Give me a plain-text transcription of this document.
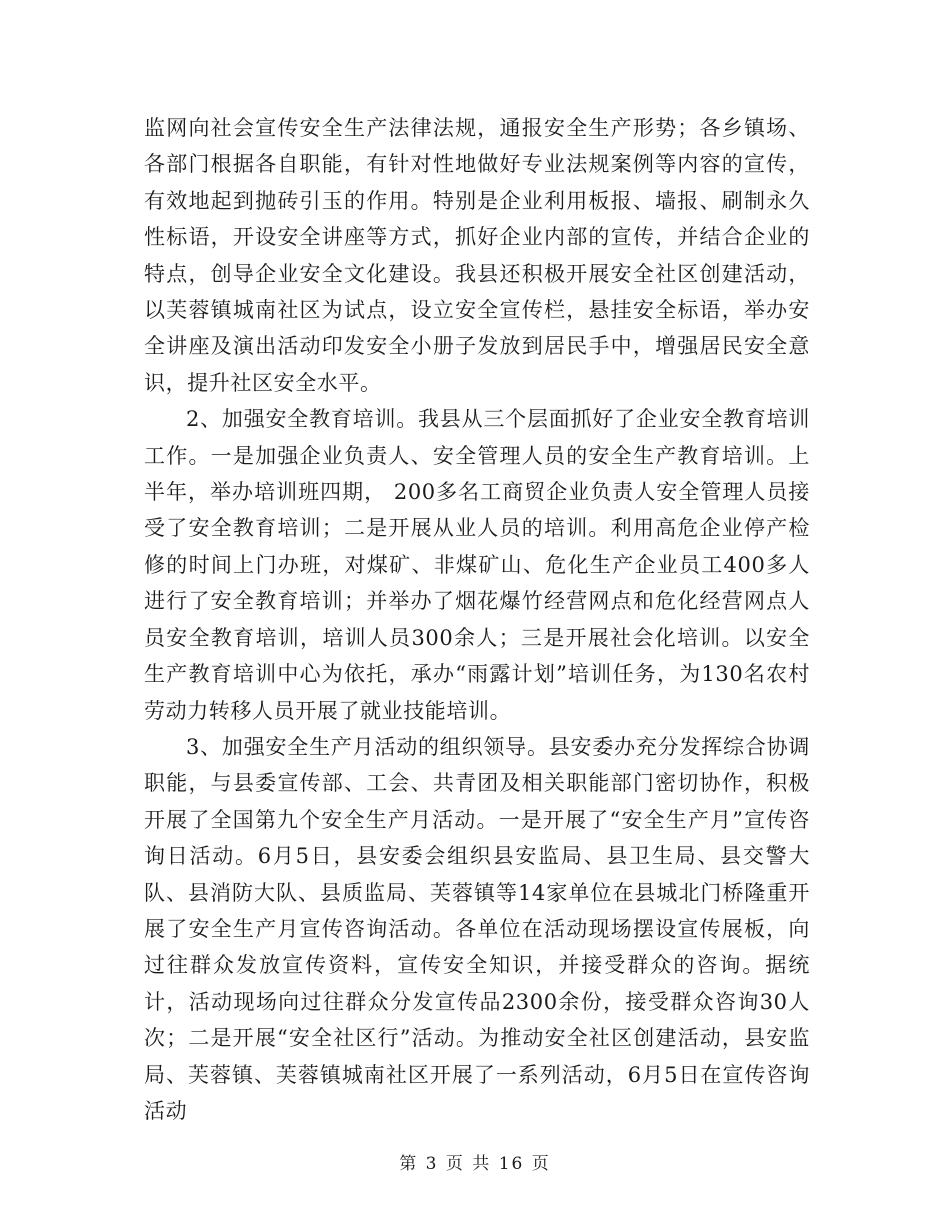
监网向社会宣传安全生产法律法规，通报安全生产形势；各乡镇场、各部门根据各自职能，有针对性地做好专业法规案例等内容的宣传，有效地起到抛砖引玉的作用。特别是企业利用板报、墙报、刷制永久性标语，开设安全讲座等方式，抓好企业内部的宣传，并结合企业的特点，创导企业安全文化建设。我县还积极开展安全社区创建活动，以芙蓉镇城南社区为试点，设立安全宣传栏，悬挂安全标语，举办安全讲座及演出活动印发安全小册子发放到居民手中，增强居民安全意识，提升社区安全水平。

2、加强安全教育培训。我县从三个层面抓好了企业安全教育培训工作。一是加强企业负责人、安全管理人员的安全生产教育培训。上半年，举办培训班四期， 200多名工商贸企业负责人安全管理人员接受了安全教育培训；二是开展从业人员的培训。利用高危企业停产检修的时间上门办班，对煤矿、非煤矿山、危化生产企业员工400多人进行了安全教育培训；并举办了烟花爆竹经营网点和危化经营网点人员安全教育培训，培训人员300余人；三是开展社会化培训。以安全生产教育培训中心为依托，承办“雨露计划”培训任务，为130名农村劳动力转移人员开展了就业技能培训。

3、加强安全生产月活动的组织领导。县安委办充分发挥综合协调职能，与县委宣传部、工会、共青团及相关职能部门密切协作，积极开展了全国第九个安全生产月活动。一是开展了“安全生产月”宣传咨询日活动。6月5日，县安委会组织县安监局、县卫生局、县交警大队、县消防大队、县质监局、芙蓉镇等14家单位在县城北门桥隆重开展了安全生产月宣传咨询活动。各单位在活动现场摆设宣传展板，向过往群众发放宣传资料，宣传安全知识，并接受群众的咨询。据统计，活动现场向过往群众分发宣传品2300余份，接受群众咨询30人次；二是开展“安全社区行”活动。为推动安全社区创建活动，县安监局、芙蓉镇、芙蓉镇城南社区开展了一系列活动，6月5日在宣传咨询活动

第 3 页 共 16 页
